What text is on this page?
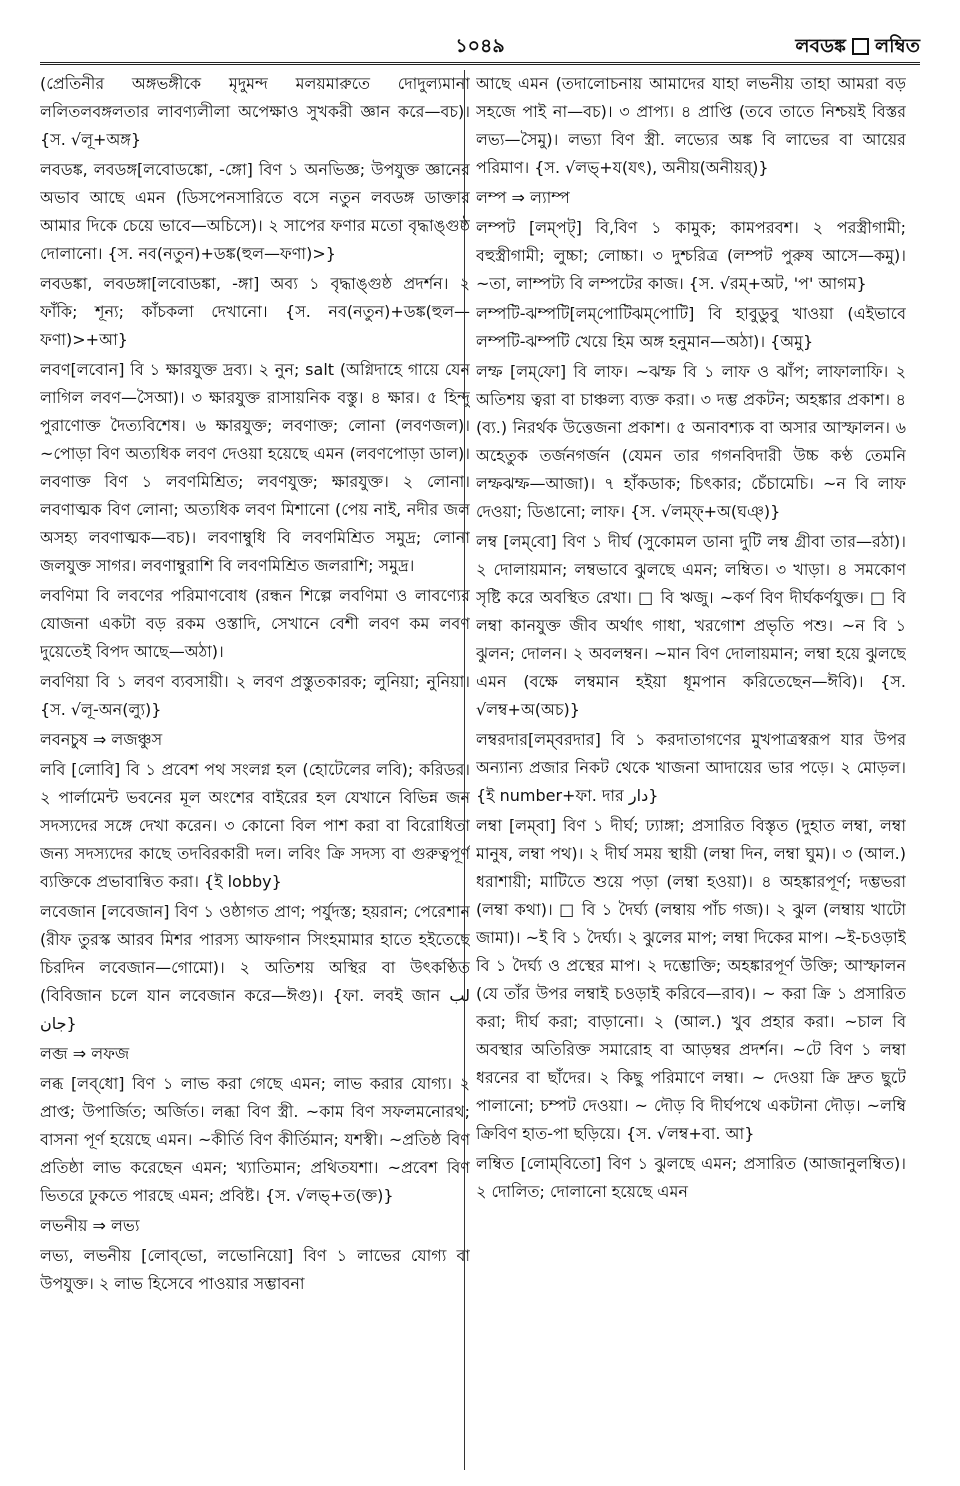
১০৪৯	লবডঙ্ক লম্বিত

(প্রেতিনীর অঙ্গভঙ্গীকে মৃদুমন্দ মলয়মারুতে দোদুল্যমানা ললিতলবঙ্গলতার লাবণ্যলীলা অপেক্ষাও সুখকরী জ্ঞান করে—বচ)। {স. √লূ+অঙ্গ}

লবডঙ্ক, লবডঙ্গ[লবোডঙ্কো, -ঙ্গো] বিণ ১ অনভিজ্ঞ; উপযুক্ত জ্ঞানের অভাব আছে এমন (ডিসপেনসারিতে বসে নতুন লবডঙ্গ ডাক্তার আমার দিকে চেয়ে ভাবে—অচিসে)। ২ সাপের ফণার মতো বৃদ্ধাঙ্গুষ্ঠ দোলানো। {স. নব(নতুন)+ডঙ্ক(হুল—ফণা)>}

লবডঙ্কা, লবডঙ্গা[লবোডঙ্কা, -ঙ্গা] অব্য ১ বৃদ্ধাঙ্গুষ্ঠ প্রদর্শন। ২ ফাঁকি; শূন্য; কাঁচকলা দেখানো। {স. নব(নতুন)+ডঙ্ক(হুল—ফণা)>+আ}

লবণ[লবোন] বি ১ ক্ষারযুক্ত দ্রব্য। ২ নুন; salt (অগ্নিদাহে গায়ে যেন লাগিল লবণ—সৈআ)। ৩ ক্ষারযুক্ত রাসায়নিক বস্তু। ৪ ক্ষার। ৫ হিন্দু পুরাণোক্ত দৈত্যবিশেষ। ৬ ক্ষারযুক্ত; লবণাক্ত; লোনা (লবণজল)। ~পোড়া বিণ অত্যধিক লবণ দেওয়া হয়েছে এমন (লবণপোড়া ডাল)। লবণাক্ত বিণ ১ লবণমিশ্রিত; লবণযুক্ত; ক্ষারযুক্ত। ২ লোনা। লবণাত্মক বিণ লোনা; অত্যধিক লবণ মিশানো (পেয় নাই, নদীর জল অসহ্য লবণাত্মক—বচ)। লবণাম্বুধি বি লবণমিশ্রিত সমুদ্র; লোনা জলযুক্ত সাগর। লবণাম্বুরাশি বি লবণমিশ্রিত জলরাশি; সমুদ্র।

লবণিমা বি লবণের পরিমাণবোধ (রন্ধন শিল্পে লবণিমা ও লাবণ্যের যোজনা একটা বড় রকম ওস্তাদি, সেখানে বেশী লবণ কম লবণ দুয়েতেই বিপদ আছে—অঠা)।

লবণিয়া বি ১ লবণ ব্যবসায়ী। ২ লবণ প্রস্তুতকারক; লুনিয়া; নুনিয়া। {স. √লূ-অন(ল্যু)}

লবনচুষ ⇒ লজঞ্চুস

লবি [লোবি] বি ১ প্রবেশ পথ সংলগ্ন হল (হোটেলের লবি); করিডর। ২ পার্লামেন্ট ভবনের মূল অংশের বাইরের হল যেখানে বিভিন্ন জন সদস্যদের সঙ্গে দেখা করেন। ৩ কোনো বিল পাশ করা বা বিরোধিতা জন্য সদস্যদের কাছে তদবিরকারী দল। লবিং ক্রি সদস্য বা গুরুত্বপূর্ণ ব্যক্তিকে প্রভাবান্বিত করা। {ই lobby}

লবেজান [লবেজান] বিণ ১ ওষ্ঠাগত প্রাণ; পর্যুদস্ত; হয়রান; পেরেশান (রীফ তুরস্ক আরব মিশর পারস্য আফগান সিংহমামার হাতে হইতেছে চিরদিন লবেজান—গোমো)। ২ অতিশয় অস্থির বা উৎকণ্ঠিত (বিবিজান চলে যান লবেজান করে—ঈগু)। {ফা. লবই জান لب جان}

লব্জ ⇒ লফজ

লব্ধ [লব্‌ধো] বিণ ১ লাভ করা গেছে এমন; লাভ করার যোগ্য। ২ প্রাপ্ত; উপার্জিত; অর্জিত। লব্ধা বিণ স্ত্রী. ~কাম বিণ সফলমনোরথ; বাসনা পূর্ণ হয়েছে এমন। ~কীর্তি বিণ কীর্তিমান; যশস্বী। ~প্রতিষ্ঠ বিণ প্রতিষ্ঠা লাভ করেছেন এমন; খ্যাতিমান; প্রথিতযশা। ~প্রবেশ বিণ ভিতরে ঢুকতে পারছে এমন; প্রবিষ্ট। {স. √লভ্+ত(ক্ত)}

লভনীয় ⇒ লভ্য

লভ্য, লভনীয় [লোব্‌ভো, লভোনিয়ো] বিণ ১ লাভের যোগ্য বা উপযুক্ত। ২ লাভ হিসেবে পাওয়ার সম্ভাবনা

আছে এমন (তদালোচনায় আমাদের যাহা লভনীয় তাহা আমরা বড় সহজে পাই না—বচ)। ৩ প্রাপ্য। ৪ প্রাপ্তি (তবে তাতে নিশ্চয়ই বিস্তর লভ্য—সৈমু)। লভ্যা বিণ স্ত্রী. লভ্যের অঙ্ক বি লাভের বা আয়ের পরিমাণ। {স. √লভ্+য(যৎ), অনীয়(অনীয়র্)}

লম্প ⇒ ল্যাম্প

লম্পট [লম্‌পট্] বি,বিণ ১ কামুক; কামপরবশ। ২ পরস্ত্রীগামী; বহুস্ত্রীগামী; লুচ্চা; লোচ্চা। ৩ দুশ্চরিত্র (লম্পট পুরুষ আসে—কমু)। ~তা, লাম্পট্য বি লম্পটের কাজ। {স. √রম্+অট, 'প' আগম}

লম্পটি-ঝম্পটি[লম্‌পোটিঝম্‌পোটি] বি হাবুডুবু খাওয়া (এইভাবে লম্পটি-ঝম্পটি খেয়ে হিম অঙ্গ হনুমান—অঠা)। {অমু}

লম্ফ [লম্‌ফো] বি লাফ। ~ঝম্ফ বি ১ লাফ ও ঝাঁপ; লাফালাফি। ২ অতিশয় ত্বরা বা চাঞ্চল্য ব্যক্ত করা। ৩ দম্ভ প্রকটন; অহঙ্কার প্রকাশ। ৪ (ব্য.) নিরর্থক উত্তেজনা প্রকাশ। ৫ অনাবশ্যক বা অসার আস্ফালন। ৬ অহেতুক তর্জনগর্জন (যেমন তার গগনবিদারী উচ্চ কণ্ঠ তেমনি লম্ফঝম্ফ—আজা)। ৭ হাঁকডাক; চিৎকার; চেঁচামেচি। ~ন বি লাফ দেওয়া; ডিঙানো; লাফ। {স. √লম্ফ্+অ(ঘঞ্)}

লম্ব [লম্‌বো] বিণ ১ দীর্ঘ (সুকোমল ডানা দুটি লম্ব গ্রীবা তার—রঠা)। ২ দোলায়মান; লম্বভাবে ঝুলছে এমন; লম্বিত। ৩ খাড়া। ৪ সমকোণ সৃষ্টি করে অবস্থিত রেখা। □ বি ঋজু। ~কর্ণ বিণ দীর্ঘকর্ণযুক্ত। □ বি লম্বা কানযুক্ত জীব অর্থাৎ গাধা, খরগোশ প্রভৃতি পশু। ~ন বি ১ ঝুলন; দোলন। ২ অবলম্বন। ~মান বিণ দোলায়মান; লম্বা হয়ে ঝুলছে এমন (বক্ষে লম্বমান হইয়া ধূমপান করিতেছেন—ঈবি)। {স. √লম্ব+অ(অচ)}

লম্বরদার[লম্‌বরদার] বি ১ করদাতাগণের মুখপাত্রস্বরূপ যার উপর অন্যান্য প্রজার নিকট থেকে খাজনা আদায়ের ভার পড়ে। ২ মোড়ল। {ই number+ফা. দার دار}

লম্বা [লম্‌বা] বিণ ১ দীর্ঘ; ঢ্যাঙ্গা; প্রসারিত বিস্তৃত (দুহাত লম্বা, লম্বা মানুষ, লম্বা পথ)। ২ দীর্ঘ সময় স্থায়ী (লম্বা দিন, লম্বা ঘুম)। ৩ (আল.) ধরাশায়ী; মাটিতে শুয়ে পড়া (লম্বা হওয়া)। ৪ অহঙ্কারপূর্ণ; দম্ভভরা (লম্বা কথা)। □ বি ১ দৈর্ঘ্য (লম্বায় পাঁচ গজ)। ২ ঝুল (লম্বায় খাটো জামা)। ~ই বি ১ দৈর্ঘ্য। ২ ঝুলের মাপ; লম্বা দিকের মাপ। ~ই-চওড়াই বি ১ দৈর্ঘ্য ও প্রস্থের মাপ। ২ দম্ভোক্তি; অহঙ্কারপূর্ণ উক্তি; আস্ফালন (যে তাঁর উপর লম্বাই চওড়াই করিবে—রাব)। ~ করা ক্রি ১ প্রসারিত করা; দীর্ঘ করা; বাড়ানো। ২ (আল.) খুব প্রহার করা। ~চাল বি অবস্থার অতিরিক্ত সমারোহ বা আড়ম্বর প্রদর্শন। ~টে বিণ ১ লম্বা ধরনের বা ছাঁদের। ২ কিছু পরিমাণে লম্বা। ~ দেওয়া ক্রি দ্রুত ছুটে পালানো; চম্পট দেওয়া। ~ দৌড় বি দীর্ঘপথে একটানা দৌড়। ~লম্বি ক্রিবিণ হাত-পা ছড়িয়ে। {স. √লম্ব+বা. আ}

লম্বিত [লোম্‌বিতো] বিণ ১ ঝুলছে এমন; প্রসারিত (আজানুলম্বিত)। ২ দোলিত; দোলানো হয়েছে এমন
